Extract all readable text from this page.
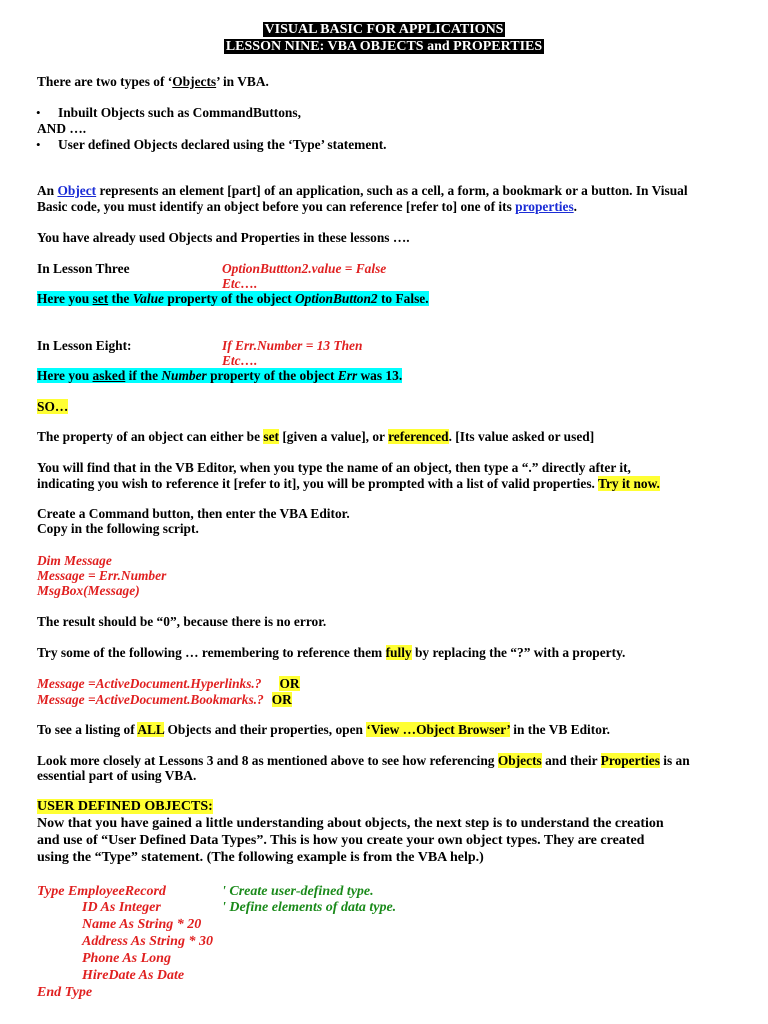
VISUAL BASIC FOR APPLICATIONS
LESSON NINE: VBA OBJECTS and PROPERTIES
There are two types of ‘Objects’ in VBA.
• Inbuilt Objects such as CommandButtons,
AND ….
• User defined Objects declared using the ‘Type’ statement.
An Object represents an element [part] of an application, such as a cell, a form, a bookmark or a button. In Visual
Basic code, you must identify an object before you can reference [refer to] one of its properties.
You have already used Objects and Properties in these lessons ….
In Lesson Three	OptionButtton2.value = False
Etc….
Here you set the Value property of the object OptionButton2 to False.
In Lesson Eight:	If Err.Number = 13 Then
Etc….
Here you asked if the Number property of the object Err was 13.
SO…
The property of an object can either be set [given a value], or referenced. [Its value asked or used]
You will find that in the VB Editor, when you type the name of an object, then type a “.” directly after it,
indicating you wish to reference it [refer to it], you will be prompted with a list of valid properties. Try it now.
Create a Command button, then enter the VBA Editor.
Copy in the following script.
Dim Message
Message = Err.Number
MsgBox(Message)
The result should be “0”, because there is no error.
Try some of the following … remembering to reference them fully by replacing the “?” with a property.
Message =ActiveDocument.Hyperlinks.? OR
Message =ActiveDocument.Bookmarks.? OR
To see a listing of ALL Objects and their properties, open ‘View …Object Browser’ in the VB Editor.
Look more closely at Lessons 3 and 8 as mentioned above to see how referencing Objects and their Properties is an
essential part of using VBA.
USER DEFINED OBJECTS:
Now that you have gained a little understanding about objects, the next step is to understand the creation
and use of “User Defined Data Types”. This is how you create your own object types. They are created
using the “Type” statement. (The following example is from the VBA help.)
Type EmployeeRecord	' Create user-defined type.
ID As Integer	' Define elements of data type.
Name As String * 20
Address As String * 30
Phone As Long
HireDate As Date
End Type
